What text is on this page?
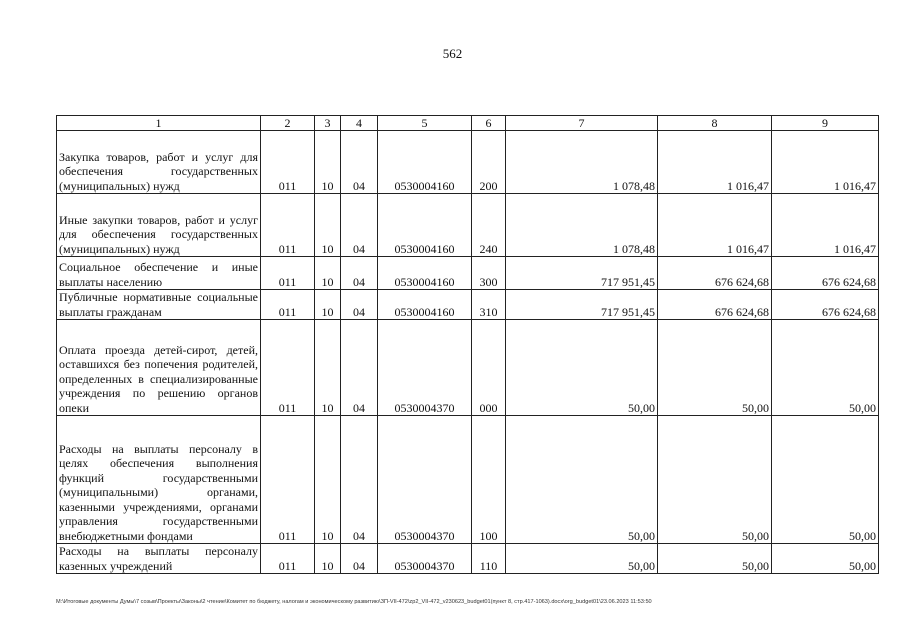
562
1	2	3	4	5	6	7	8	9
Закупка товаров, работ и услуг для обеспечения государственных (муниципальных) нужд	011	10	04	0530004160	200	1 078,48	1 016,47	1 016,47
Иные закупки товаров, работ и услуг для обеспечения государственных (муниципальных) нужд	011	10	04	0530004160	240	1 078,48	1 016,47	1 016,47
Социальное обеспечение и иные выплаты населению	011	10	04	0530004160	300	717 951,45	676 624,68	676 624,68
Публичные нормативные социальные выплаты гражданам	011	10	04	0530004160	310	717 951,45	676 624,68	676 624,68
Оплата проезда детей-сирот, детей, оставшихся без попечения родителей, определенных в специализированные учреждения по решению органов опеки	011	10	04	0530004370	000	50,00	50,00	50,00
Расходы на выплаты персоналу в целях обеспечения выполнения функций государственными (муниципальными) органами, казенными учреждениями, органами управления государственными внебюджетными фондами	011	10	04	0530004370	100	50,00	50,00	50,00
Расходы на выплаты персоналу казенных учреждений	011	10	04	0530004370	110	50,00	50,00	50,00
М:\Итоговые документы Думы\7 созыв\Проекты\Законы\2 чтение\Комитет по бюджету, налогам и экономическому развитию\ЗП-VII-472\zp2_VII-472_v230623_budget01(пункт 8, стр.417-1063).docx\org_budget01\23.06.2023 11:53:50
